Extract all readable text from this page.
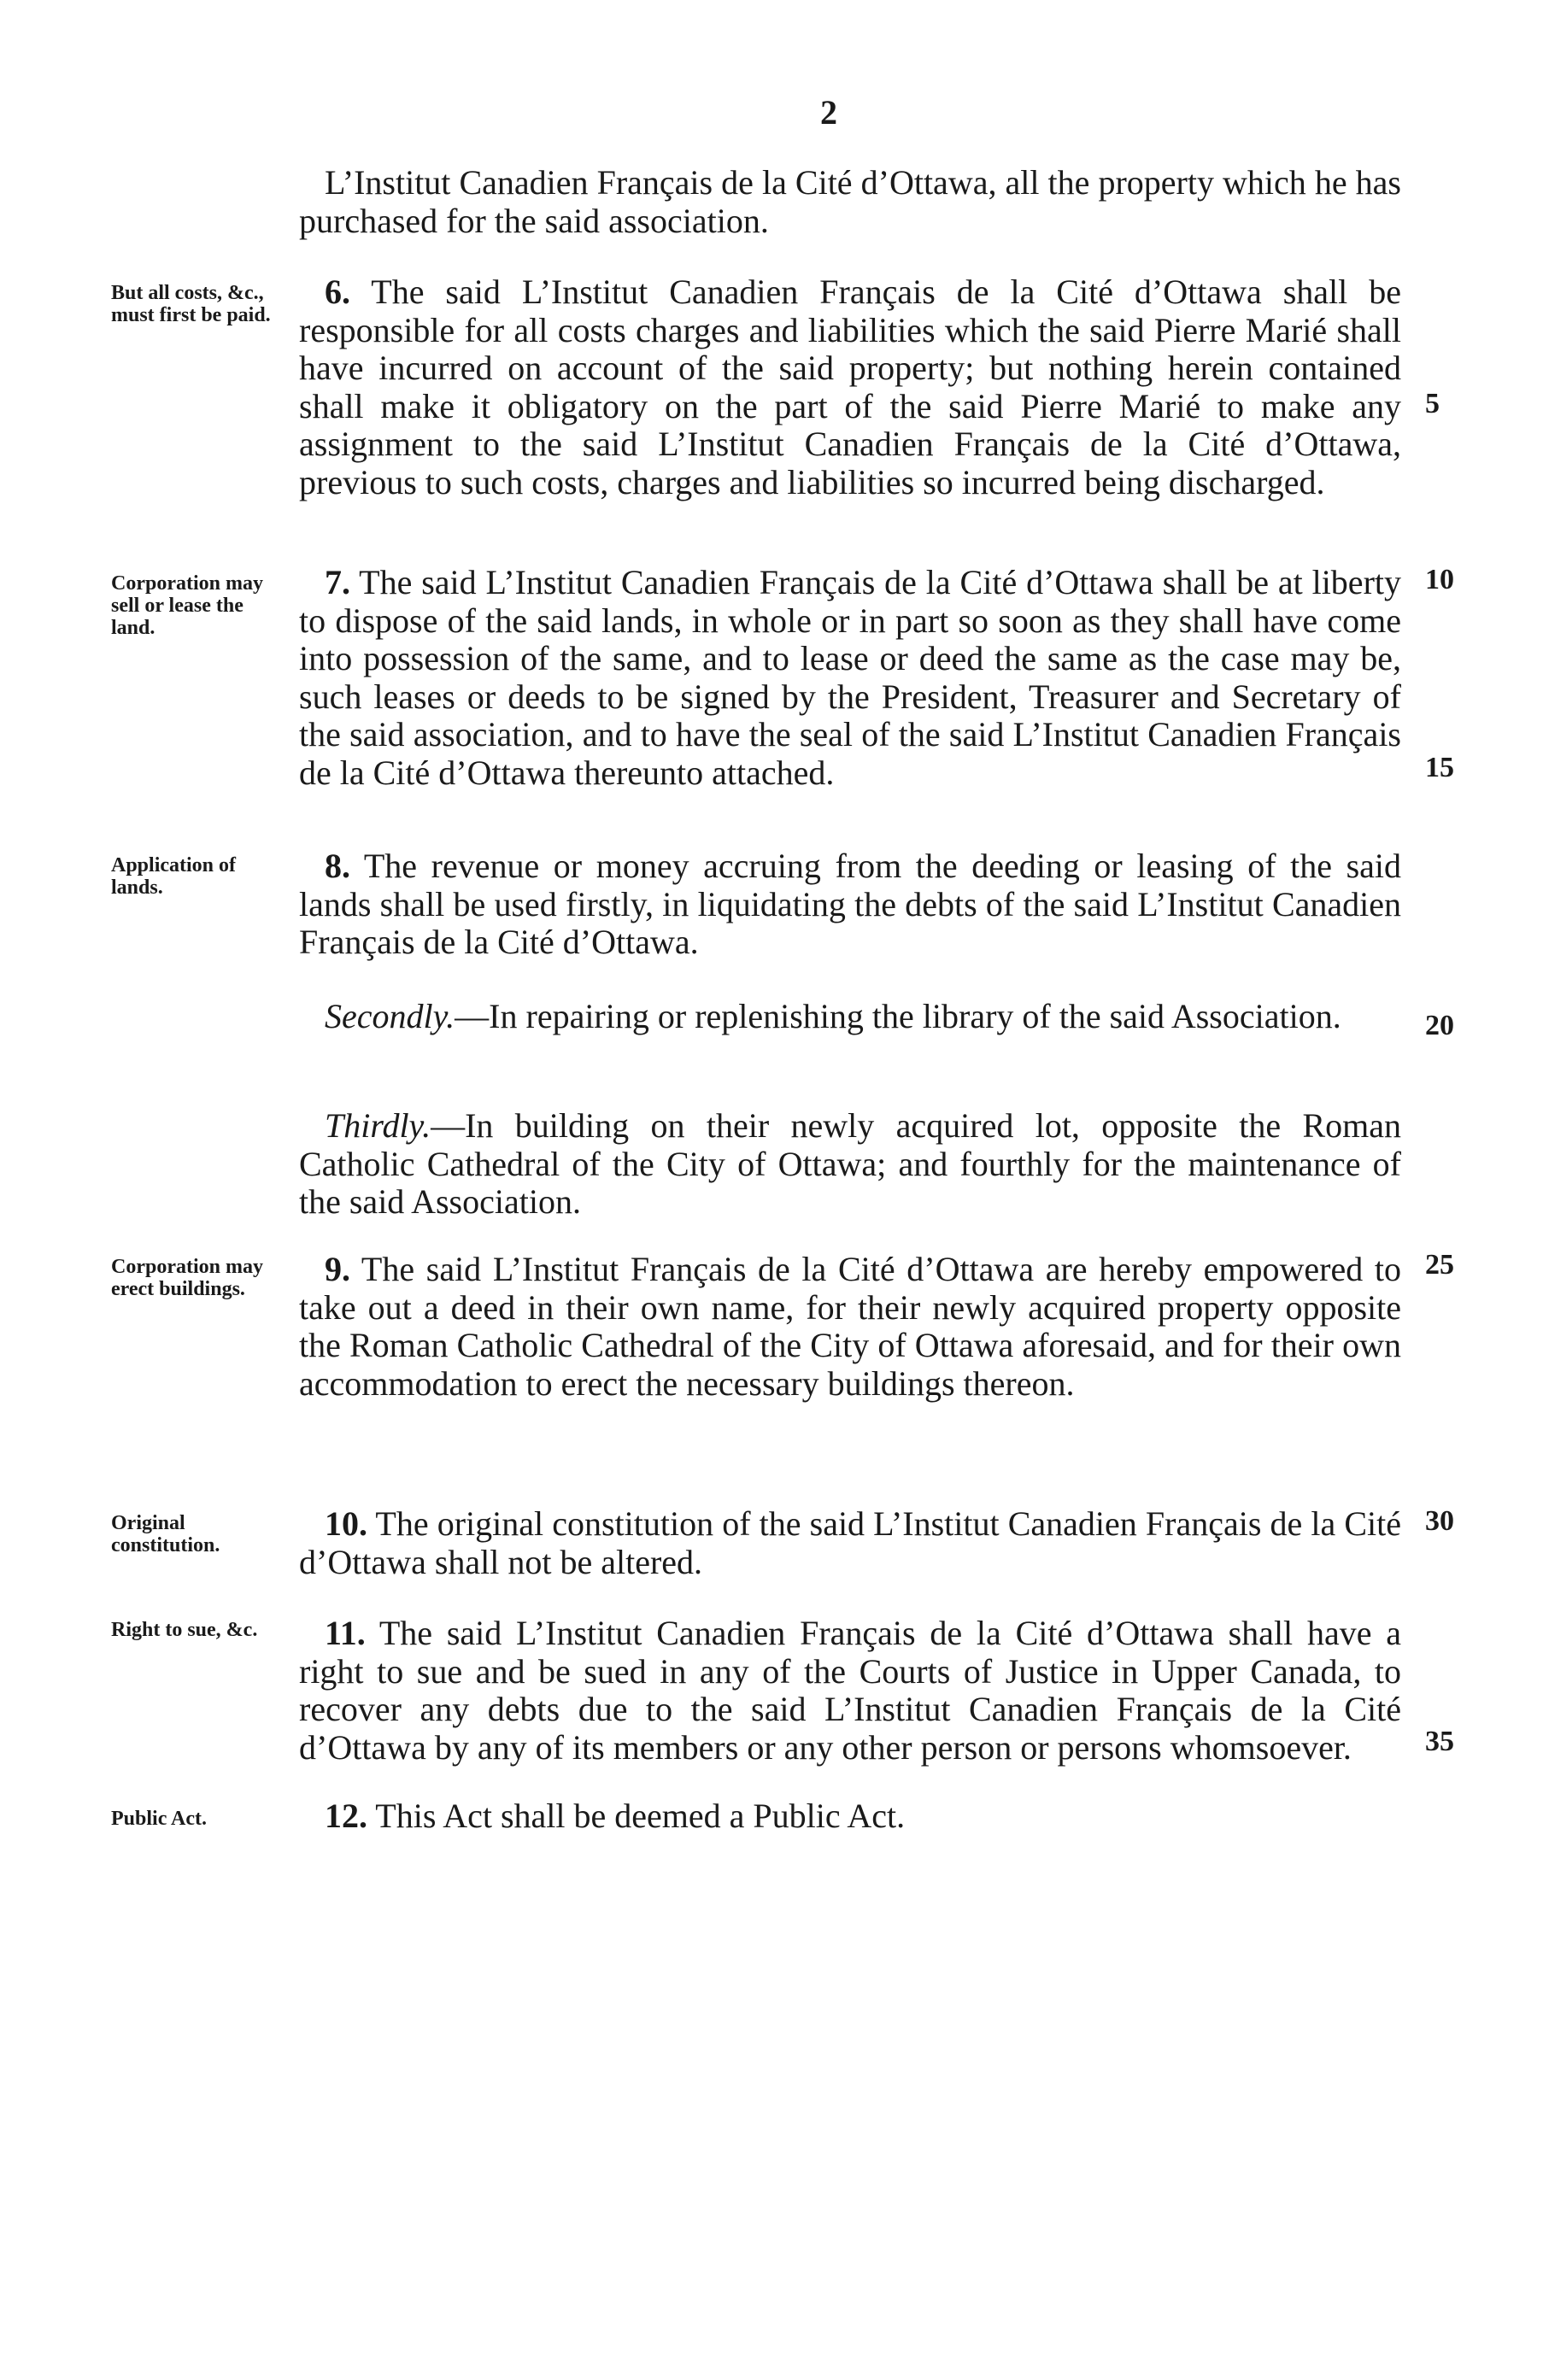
2
L’Institut Canadien Français de la Cité d’Ottawa, all the property which he has purchased for the said association.
But all costs, &c., must first be paid.
6. The said L’Institut Canadien Français de la Cité d’Ottawa shall be responsible for all costs charges and liabilities which the said Pierre Marié shall have incurred on account of the said property; but nothing herein contained shall make it obligatory on the part of the said Pierre Marié to make any assignment to the said L’Institut Canadien Français de la Cité d’Ottawa, previous to such costs, charges and liabilities so incurred being discharged.
Corporation may sell or lease the land.
7. The said L’Institut Canadien Français de la Cité d’Ottawa shall be at liberty to dispose of the said lands, in whole or in part so soon as they shall have come into possession of the same, and to lease or deed the same as the case may be, such leases or deeds to be signed by the President, Treasurer and Secretary of the said association, and to have the seal of the said L’Institut Canadien Français de la Cité d’Ottawa thereunto attached.
Application of lands.
8. The revenue or money accruing from the deeding or leasing of the said lands shall be used firstly, in liquidating the debts of the said L’Institut Canadien Français de la Cité d’Ottawa.
Secondly.—In repairing or replenishing the library of the said Association.
Thirdly.—In building on their newly acquired lot, opposite the Roman Catholic Cathedral of the City of Ottawa; and fourthly for the maintenance of the said Association.
Corporation may erect buildings.
9. The said L’Institut Français de la Cité d’Ottawa are hereby empowered to take out a deed in their own name, for their newly acquired property opposite the Roman Catholic Cathedral of the City of Ottawa aforesaid, and for their own accommodation to erect the necessary buildings thereon.
Original constitution.
10. The original constitution of the said L’Institut Canadien Français de la Cité d’Ottawa shall not be altered.
Right to sue, &c.	11. The said L’Institut Canadien Français de la Cité d’Ottawa shall have a right to sue and be sued in any of the Courts of Justice in Upper Canada, to recover any debts due to the said L’Institut Canadien Français de la Cité d’Ottawa by any of its members or any other person or persons whomsoever.
Public Act.	12. This Act shall be deemed a Public Act.
5
10
15
20
25
30
35
